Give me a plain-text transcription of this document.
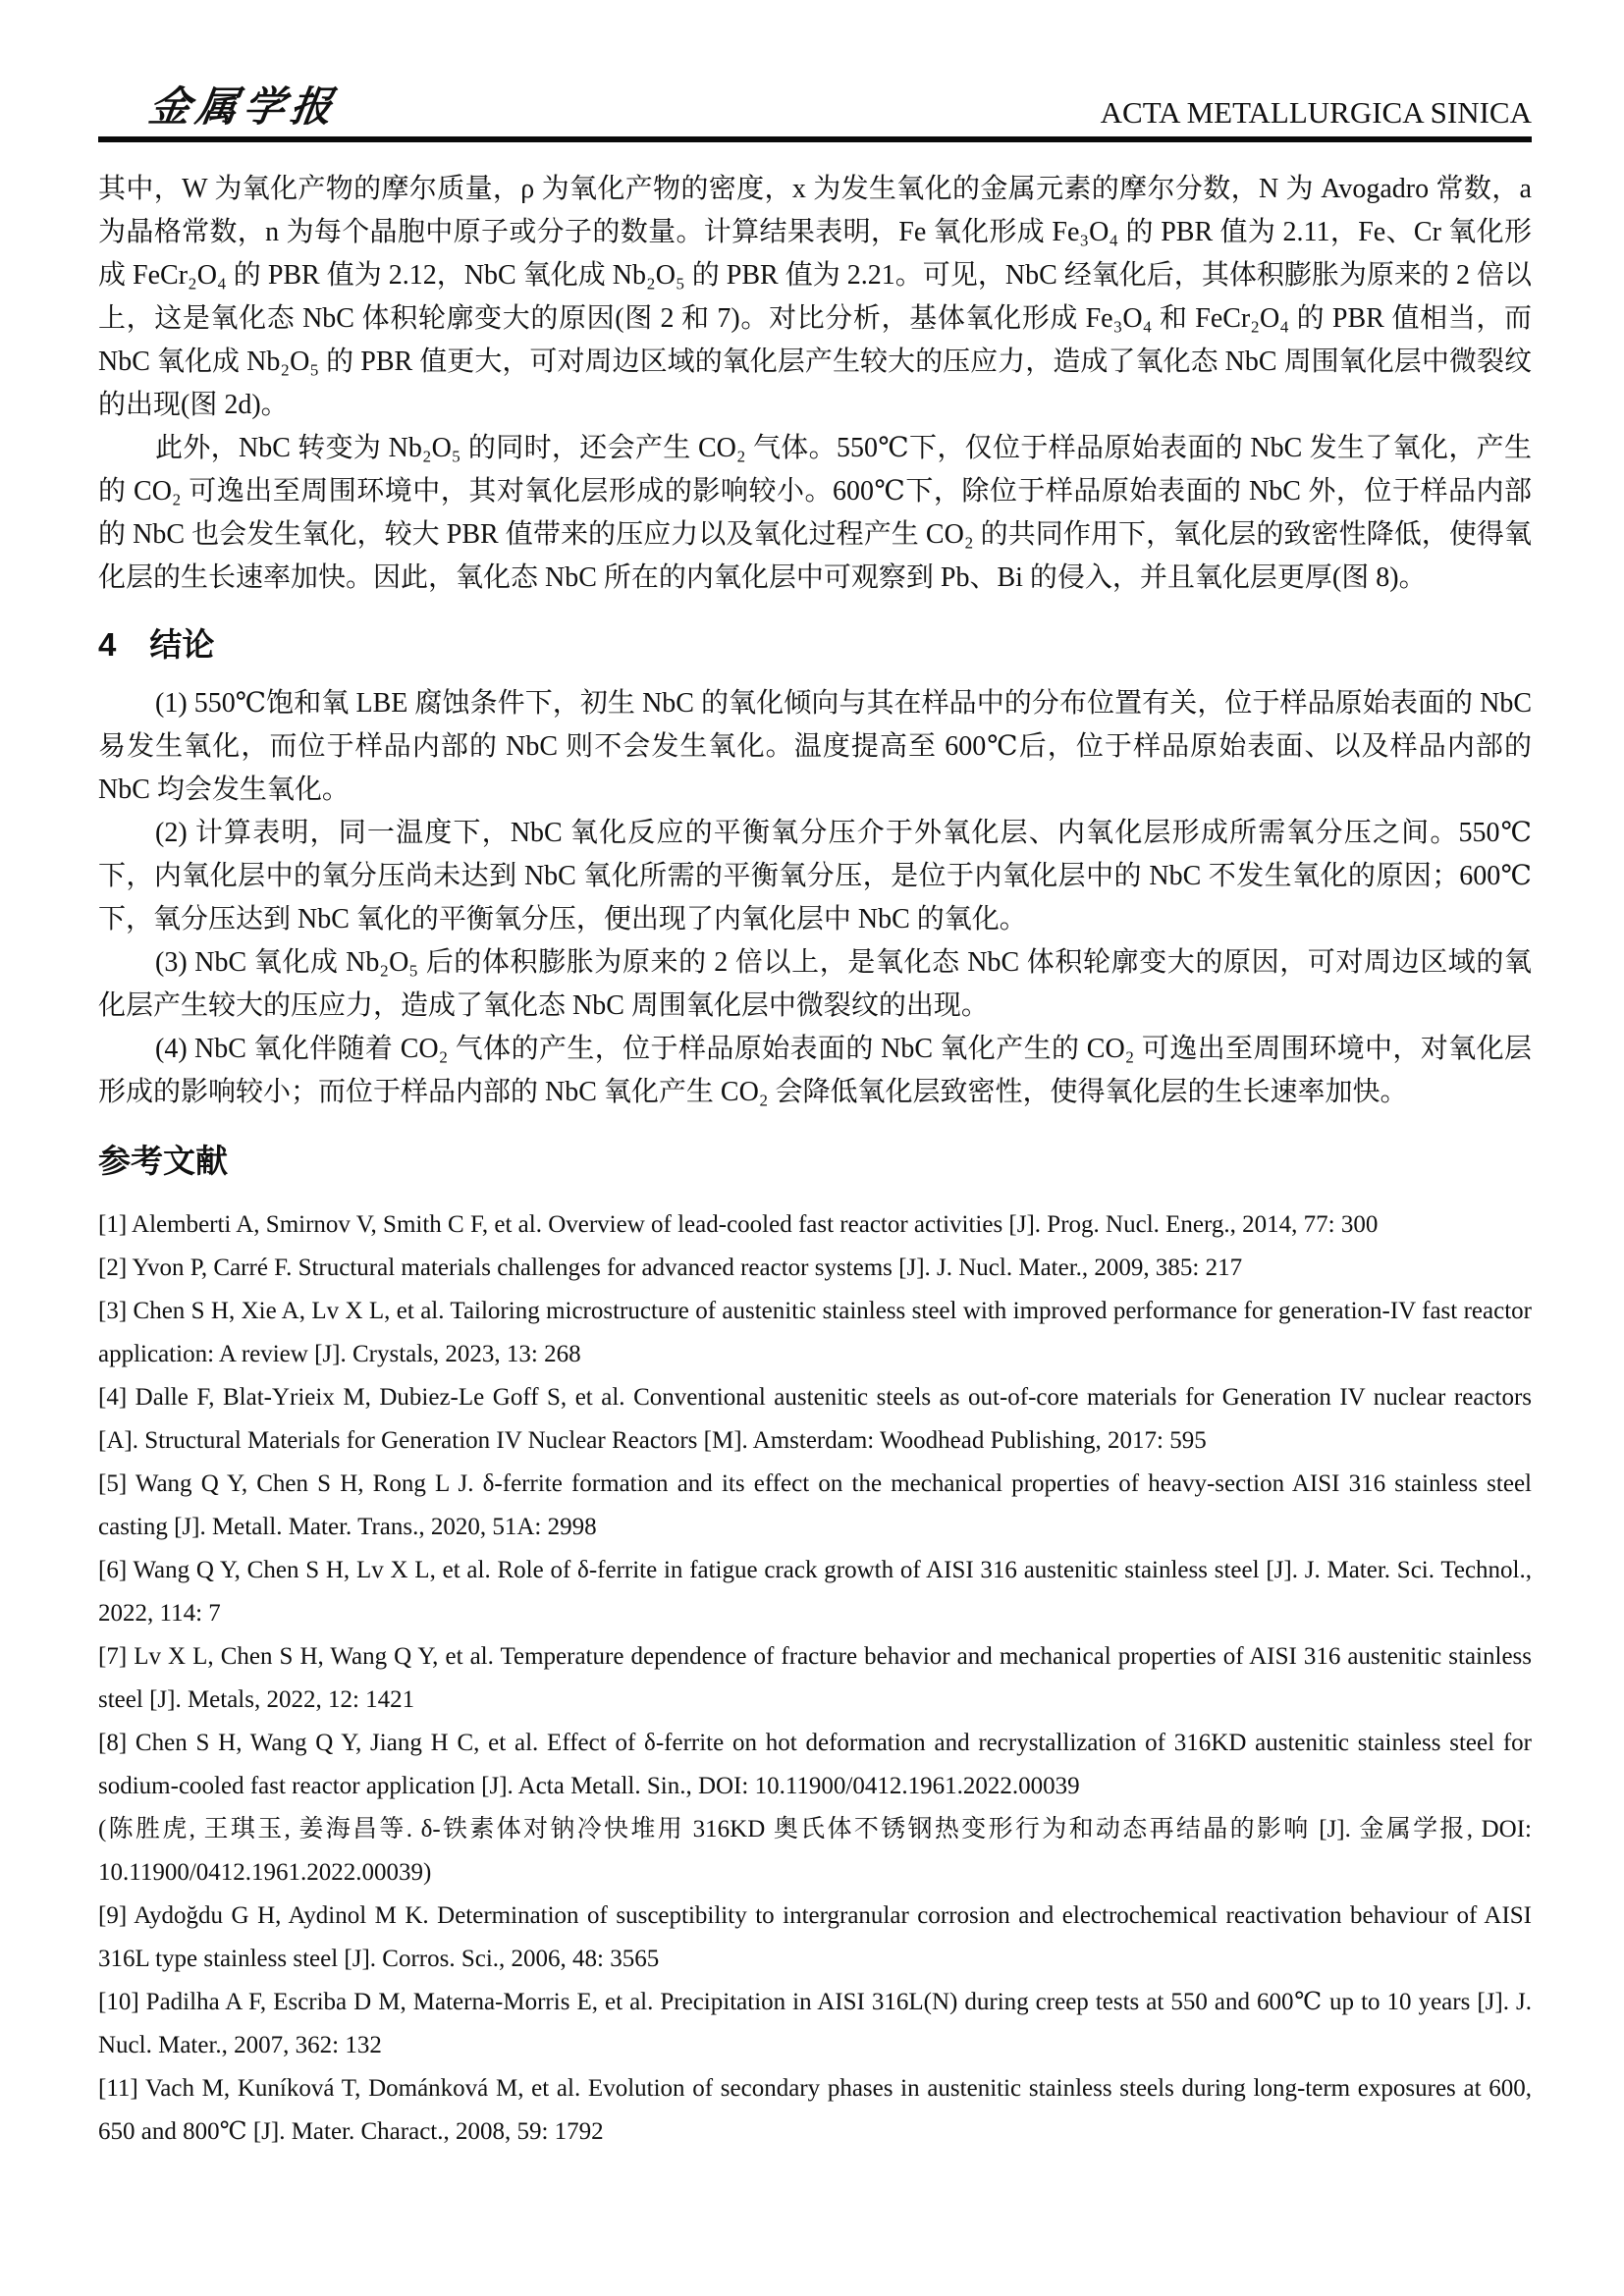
金属学报	ACTA METALLURGICA SINICA

其中，W 为氧化产物的摩尔质量，ρ 为氧化产物的密度，x 为发生氧化的金属元素的摩尔分数，N 为 Avogadro 常数，a 为晶格常数，n 为每个晶胞中原子或分子的数量。计算结果表明，Fe 氧化形成 Fe₃O₄ 的 PBR 值为 2.11，Fe、Cr 氧化形成 FeCr₂O₄ 的 PBR 值为 2.12，NbC 氧化成 Nb₂O₅ 的 PBR 值为 2.21。可见，NbC 经氧化后，其体积膨胀为原来的 2 倍以上，这是氧化态 NbC 体积轮廓变大的原因(图 2 和 7)。对比分析，基体氧化形成 Fe₃O₄ 和 FeCr₂O₄ 的 PBR 值相当，而 NbC 氧化成 Nb₂O₅ 的 PBR 值更大，可对周边区域的氧化层产生较大的压应力，造成了氧化态 NbC 周围氧化层中微裂纹的出现(图 2d)。

此外，NbC 转变为 Nb₂O₅ 的同时，还会产生 CO₂ 气体。550℃下，仅位于样品原始表面的 NbC 发生了氧化，产生的 CO₂ 可逸出至周围环境中，其对氧化层形成的影响较小。600℃下，除位于样品原始表面的 NbC 外，位于样品内部的 NbC 也会发生氧化，较大 PBR 值带来的压应力以及氧化过程产生 CO₂ 的共同作用下，氧化层的致密性降低，使得氧化层的生长速率加快。因此，氧化态 NbC 所在的内氧化层中可观察到 Pb、Bi 的侵入，并且氧化层更厚(图 8)。

4 结论

(1) 550℃饱和氧 LBE 腐蚀条件下，初生 NbC 的氧化倾向与其在样品中的分布位置有关，位于样品原始表面的 NbC 易发生氧化，而位于样品内部的 NbC 则不会发生氧化。温度提高至 600℃后，位于样品原始表面、以及样品内部的 NbC 均会发生氧化。

(2) 计算表明，同一温度下，NbC 氧化反应的平衡氧分压介于外氧化层、内氧化层形成所需氧分压之间。550℃下，内氧化层中的氧分压尚未达到 NbC 氧化所需的平衡氧分压，是位于内氧化层中的 NbC 不发生氧化的原因；600℃下，氧分压达到 NbC 氧化的平衡氧分压，便出现了内氧化层中 NbC 的氧化。

(3) NbC 氧化成 Nb₂O₅ 后的体积膨胀为原来的 2 倍以上，是氧化态 NbC 体积轮廓变大的原因，可对周边区域的氧化层产生较大的压应力，造成了氧化态 NbC 周围氧化层中微裂纹的出现。

(4) NbC 氧化伴随着 CO₂ 气体的产生，位于样品原始表面的 NbC 氧化产生的 CO₂ 可逸出至周围环境中，对氧化层形成的影响较小；而位于样品内部的 NbC 氧化产生 CO₂ 会降低氧化层致密性，使得氧化层的生长速率加快。

参考文献

[1] Alemberti A, Smirnov V, Smith C F, et al. Overview of lead-cooled fast reactor activities [J]. Prog. Nucl. Energ., 2014, 77: 300

[2] Yvon P, Carré F. Structural materials challenges for advanced reactor systems [J]. J. Nucl. Mater., 2009, 385: 217

[3] Chen S H, Xie A, Lv X L, et al. Tailoring microstructure of austenitic stainless steel with improved performance for generation-IV fast reactor application: A review [J]. Crystals, 2023, 13: 268

[4] Dalle F, Blat-Yrieix M, Dubiez-Le Goff S, et al. Conventional austenitic steels as out-of-core materials for Generation IV nuclear reactors [A]. Structural Materials for Generation IV Nuclear Reactors [M]. Amsterdam: Woodhead Publishing, 2017: 595

[5] Wang Q Y, Chen S H, Rong L J. δ-ferrite formation and its effect on the mechanical properties of heavy-section AISI 316 stainless steel casting [J]. Metall. Mater. Trans., 2020, 51A: 2998

[6] Wang Q Y, Chen S H, Lv X L, et al. Role of δ-ferrite in fatigue crack growth of AISI 316 austenitic stainless steel [J]. J. Mater. Sci. Technol., 2022, 114: 7

[7] Lv X L, Chen S H, Wang Q Y, et al. Temperature dependence of fracture behavior and mechanical properties of AISI 316 austenitic stainless steel [J]. Metals, 2022, 12: 1421

[8] Chen S H, Wang Q Y, Jiang H C, et al. Effect of δ-ferrite on hot deformation and recrystallization of 316KD austenitic stainless steel for sodium-cooled fast reactor application [J]. Acta Metall. Sin., DOI: 10.11900/0412.1961.2022.00039

(陈胜虎, 王琪玉, 姜海昌等. δ-铁素体对钠冷快堆用 316KD 奥氏体不锈钢热变形行为和动态再结晶的影响 [J]. 金属学报, DOI: 10.11900/0412.1961.2022.00039)

[9] Aydoğdu G H, Aydinol M K. Determination of susceptibility to intergranular corrosion and electrochemical reactivation behaviour of AISI 316L type stainless steel [J]. Corros. Sci., 2006, 48: 3565

[10] Padilha A F, Escriba D M, Materna-Morris E, et al. Precipitation in AISI 316L(N) during creep tests at 550 and 600℃ up to 10 years [J]. J. Nucl. Mater., 2007, 362: 132

[11] Vach M, Kuníková T, Dománková M, et al. Evolution of secondary phases in austenitic stainless steels during long-term exposures at 600, 650 and 800℃ [J]. Mater. Charact., 2008, 59: 1792
